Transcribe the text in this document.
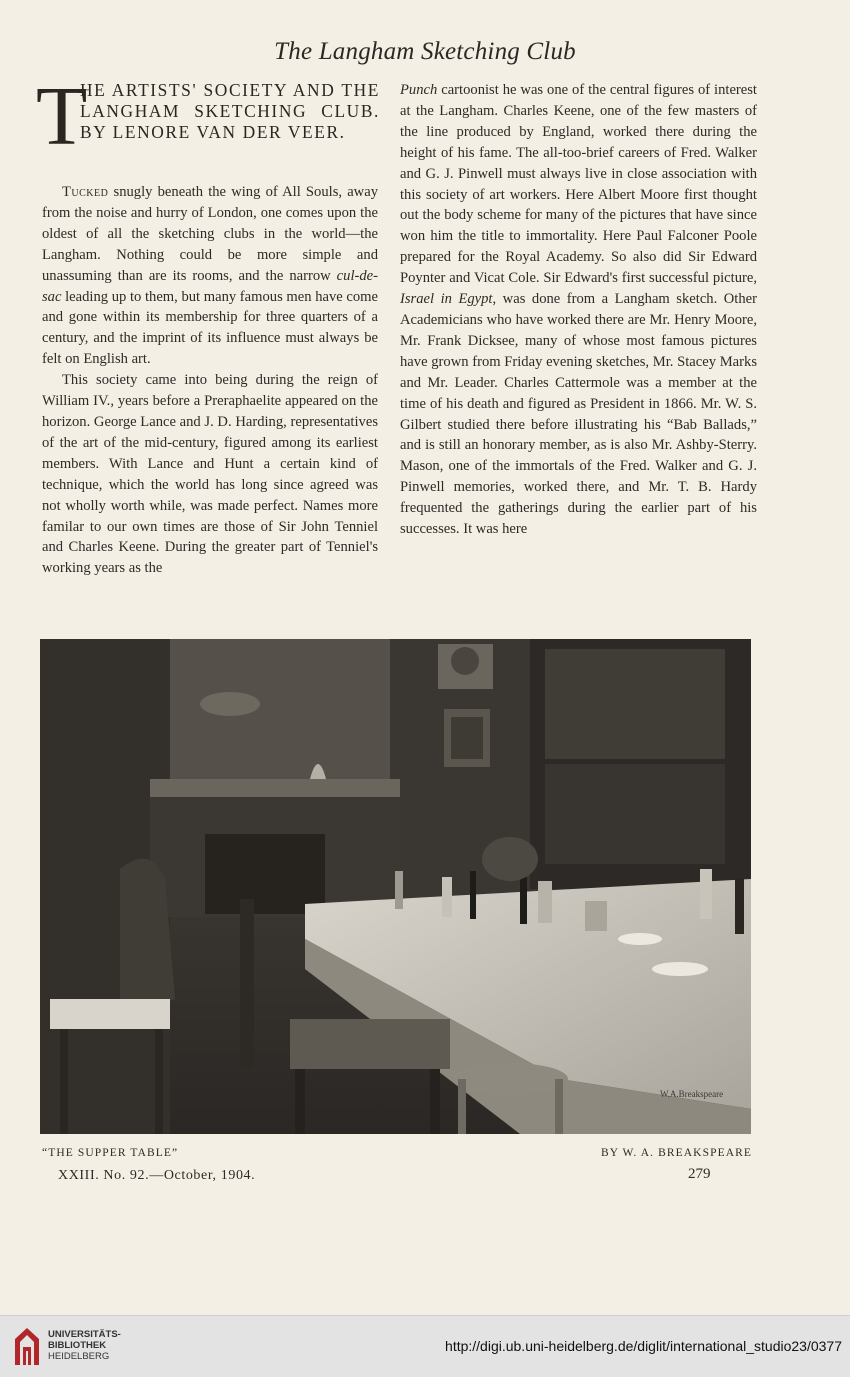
The Langham Sketching Club
T
HE ARTISTS' SOCIETY AND THE LANGHAM SKETCHING CLUB. BY LENORE VAN DER VEER.

Tucked snugly beneath the wing of All Souls, away from the noise and hurry of London, one comes upon the oldest of all the sketching clubs in the world—the Langham. Nothing could be more simple and unassuming than are its rooms, and the narrow cul-de-sac leading up to them, but many famous men have come and gone within its membership for three quarters of a century, and the imprint of its influence must always be felt on English art.

This society came into being during the reign of William IV., years before a Preraphaelite appeared on the horizon. George Lance and J. D. Harding, representatives of the art of the mid-century, figured among its earliest members. With Lance and Hunt a certain kind of technique, which the world has long since agreed was not wholly worth while, was made perfect. Names more familar to our own times are those of Sir John Tenniel and Charles Keene. During the greater part of Tenniel's working years as the

Punch cartoonist he was one of the central figures of interest at the Langham. Charles Keene, one of the few masters of the line produced by England, worked there during the height of his fame. The all-too-brief careers of Fred. Walker and G. J. Pinwell must always live in close association with this society of art workers. Here Albert Moore first thought out the body scheme for many of the pictures that have since won him the title to immortality. Here Paul Falconer Poole prepared for the Royal Academy. So also did Sir Edward Poynter and Vicat Cole. Sir Edward's first successful picture, Israel in Egypt, was done from a Langham sketch. Other Academicians who have worked there are Mr. Henry Moore, Mr. Frank Dicksee, many of whose most famous pictures have grown from Friday evening sketches, Mr. Stacey Marks and Mr. Leader. Charles Cattermole was a member at the time of his death and figured as President in 1866. Mr. W. S. Gilbert studied there before illustrating his “Bab Ballads,” and is still an honorary member, as is also Mr. Ashby-Sterry. Mason, one of the immortals of the Fred. Walker and G. J. Pinwell memories, worked there, and Mr. T. B. Hardy frequented the gatherings during the earlier part of his successes. It was here

W.A.Breakspeare
“THE SUPPER TABLE”	BY W. A. BREAKSPEARE
XXIII. No. 92.—October, 1904.	279
UNIVERSITÄTS-
BIBLIOTHEK
HEIDELBERG
http://digi.ub.uni-heidelberg.de/diglit/international_studio23/0377
